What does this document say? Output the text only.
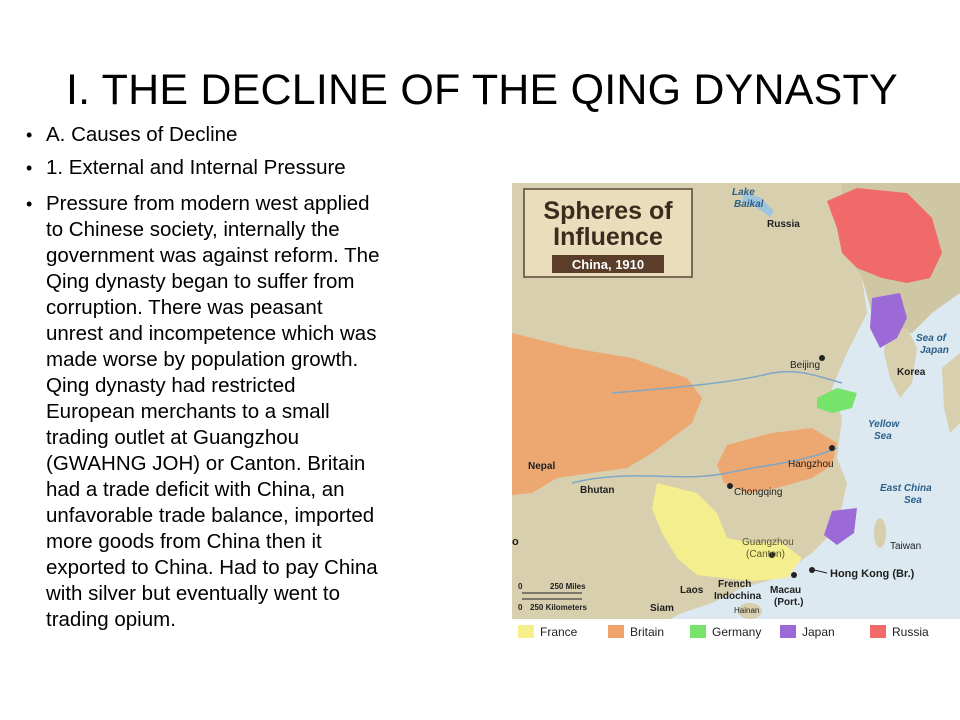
I. THE DECLINE OF THE QING DYNASTY
• A. Causes of Decline
• 1. External and Internal Pressure
• Pressure from modern west applied
to Chinese society, internally the
government was against reform. The
Qing dynasty began to suffer from
corruption. There was peasant
unrest and incompetence which was
made worse by population growth.
Qing dynasty had restricted
European merchants to a small
trading outlet at Guangzhou
(GWAHNG JOH) or Canton. Britain
had a trade deficit with China, an
unfavorable trade balance, imported
more goods from China then it
exported to China. Had to pay China
with silver but eventually went to
trading opium.
Spheres of
Influence
China, 1910
Lake
Baikal
Russia
Beijing
Sea of
Japan
Korea
Yellow
Sea
Hangzhou
East China
Sea
Nepal
Bhutan	Chongqing
Taiwan
Guangzhou
(Canton)
Hong Kong (Br.)
Macau
(Port.)
Laos
French
Indochina
Hainan
Siam
o
0	250 Miles
0 250 Kilometers
France	Britain	Germany	Japan	Russia
